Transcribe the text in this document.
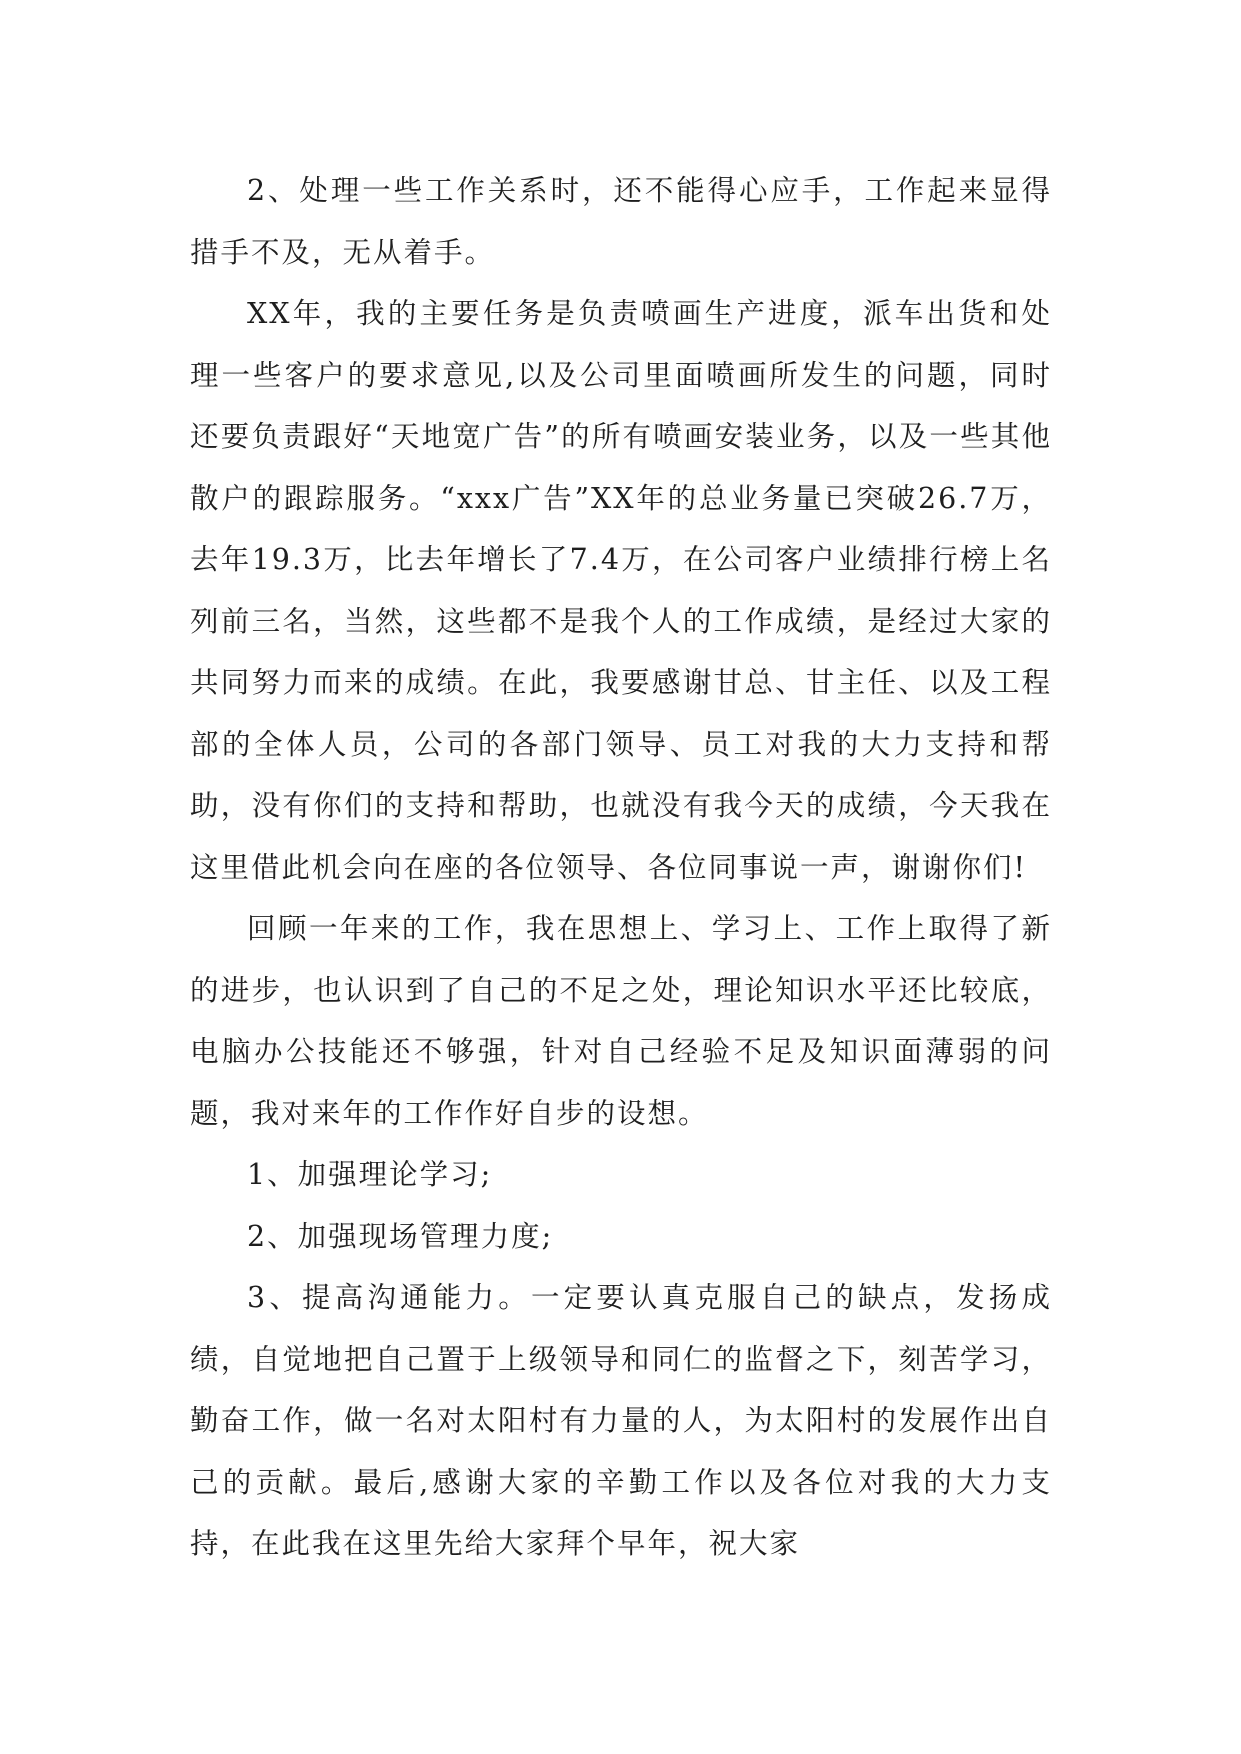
2、处理一些工作关系时，还不能得心应手，工作起来显得措手不及，无从着手。

XX年，我的主要任务是负责喷画生产进度，派车出货和处理一些客户的要求意见,以及公司里面喷画所发生的问题，同时还要负责跟好“天地宽广告”的所有喷画安装业务，以及一些其他散户的跟踪服务。“xxx广告”XX年的总业务量已突破26.7万，去年19.3万，比去年增长了7.4万，在公司客户业绩排行榜上名列前三名，当然，这些都不是我个人的工作成绩，是经过大家的共同努力而来的成绩。在此，我要感谢甘总、甘主任、以及工程部的全体人员，公司的各部门领导、员工对我的大力支持和帮助，没有你们的支持和帮助，也就没有我今天的成绩，今天我在这里借此机会向在座的各位领导、各位同事说一声，谢谢你们!

回顾一年来的工作，我在思想上、学习上、工作上取得了新的进步，也认识到了自己的不足之处，理论知识水平还比较底，电脑办公技能还不够强，针对自己经验不足及知识面薄弱的问题，我对来年的工作作好自步的设想。

1、加强理论学习;

2、加强现场管理力度;

3、提高沟通能力。一定要认真克服自己的缺点，发扬成绩，自觉地把自己置于上级领导和同仁的监督之下，刻苦学习，勤奋工作，做一名对太阳村有力量的人，为太阳村的发展作出自己的贡献。最后,感谢大家的辛勤工作以及各位对我的大力支持，在此我在这里先给大家拜个早年，祝大家
